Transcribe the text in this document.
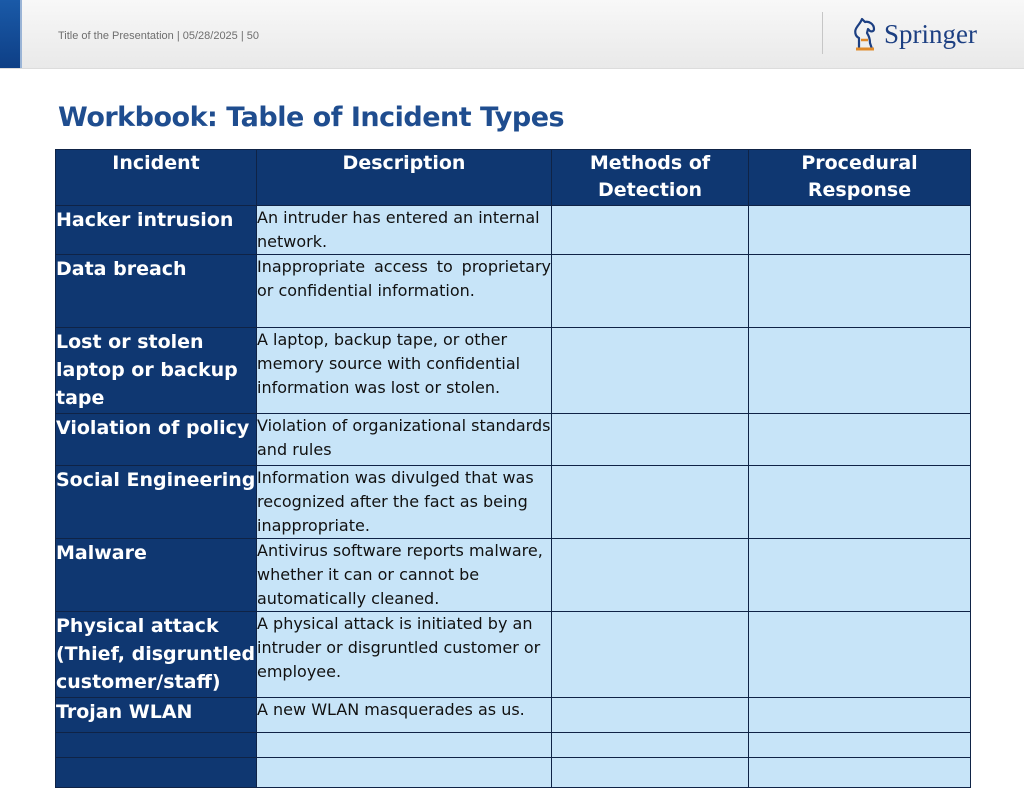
Title of the Presentation | 05/28/2025 | 50	Springer
Workbook: Table of Incident Types
Incident	Description	Methods of Detection	Procedural Response
Hacker intrusion	An intruder has entered an internal network.		
Data breach	Inappropriate access to proprietary or confidential information.		
Lost or stolen laptop or backup tape	A laptop, backup tape, or other memory source with confidential information was lost or stolen.		
Violation of policy	Violation of organizational standards and rules		
Social Engineering	Information was divulged that was recognized after the fact as being inappropriate.		
Malware	Antivirus software reports malware, whether it can or cannot be automatically cleaned.		
Physical attack (Thief, disgruntled customer/staff)	A physical attack is initiated by an intruder or disgruntled customer or employee.		
Trojan WLAN	A new WLAN masquerades as us.		
